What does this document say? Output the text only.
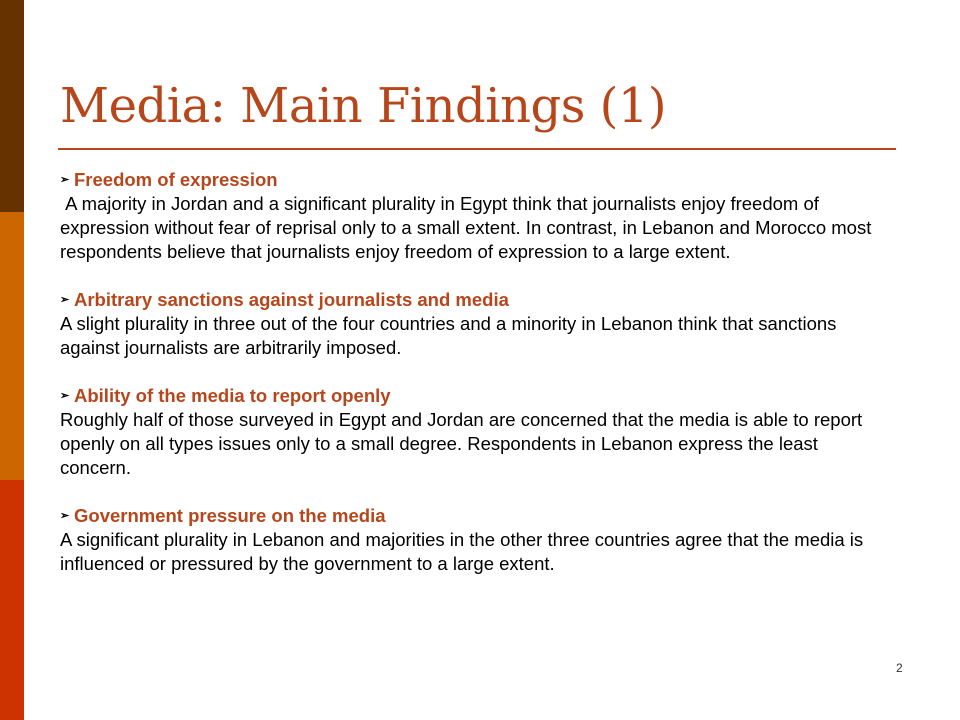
Media: Main Findings (1)
➢ Freedom of expression

A majority in Jordan and a significant plurality in Egypt think that journalists enjoy freedom of expression without fear of reprisal only to a small extent. In contrast, in Lebanon and Morocco most respondents believe that journalists enjoy freedom of expression to a large extent.

➢ Arbitrary sanctions against journalists and media

A slight plurality in three out of the four countries and a minority in Lebanon think that sanctions against journalists are arbitrarily imposed.

➢ Ability of the media to report openly

Roughly half of those surveyed in Egypt and Jordan are concerned that the media is able to report openly on all types issues only to a small degree. Respondents in Lebanon express the least concern.

➢ Government pressure on the media

A significant plurality in Lebanon and majorities in the other three countries agree that the media is influenced or pressured by the government to a large extent.

2
